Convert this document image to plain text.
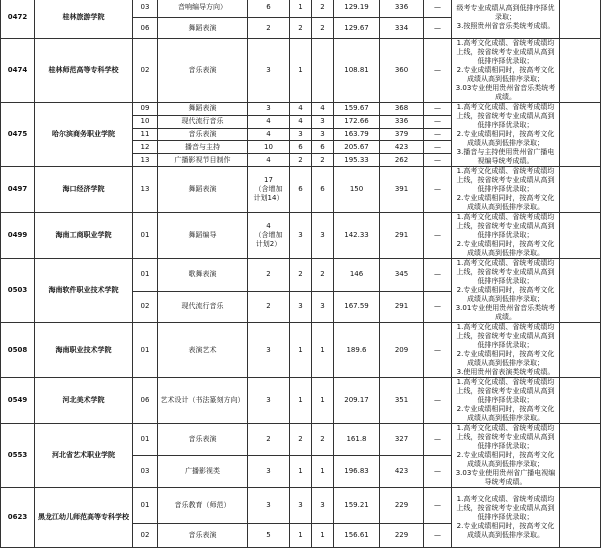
0472	桂林旅游学院	03	音响编导方向）	6	1	2	129.19	336	—	级考专业成绩从高到低排序择优录取；
3.按照贵州省音乐类统考成绩。	
		06	舞蹈表演	2	2	2	129.67	334	—		
0474	桂林师范高等专科学校	02	音乐表演	3	1		108.81	360	—	1.高考文化成绩、省统考成绩均上线，按省统考专业成绩从高到低排序择优录取；
2.专业成绩相同时，按高考文化成绩从高到低排序录取；
3.03专业使用贵州省音乐类统考成绩。	
0475	哈尔滨商务职业学院	09	舞蹈表演	3	4	4	159.67	368	—	1.高考文化成绩、省统考成绩均上线，按省统考专业成绩从高到低排序择优录取；
2.专业成绩相同时，按高考文化成绩从高到低排序录取；
3.播音与主持使用贵州省广播电视编导统考成绩。	
		10	现代流行音乐	4	4	3	172.66	336	—		
		11	音乐表演	4	3	3	163.79	379	—		
		12	播音与主持	10	6	6	205.67	423	—		
		13	广播影视节目制作	4	2	2	195.33	262	—		
0497	海口经济学院	13	舞蹈表演	17
（含增加
计划14）	6	6	150	391	—	1.高考文化成绩、省统考成绩均上线，按省统考专业成绩从高到低排序择优录取；
2.专业成绩相同时，按高考文化成绩从高到低排序录取。	
0499	海南工商职业学院	01	舞蹈编导	4
（含增加
计划2）	3	3	142.33	291	—	1.高考文化成绩、省统考成绩均上线，按省统考专业成绩从高到低排序择优录取；
2.专业成绩相同时，按高考文化成绩从高到低排序录取。	
0503	海南软件职业技术学院	01	歌舞表演	2	2	2	146	345	—	1.高考文化成绩、省统考成绩均上线，按省统考专业成绩从高到低排序择优录取；
2.专业成绩相同时，按高考文化成绩从高到低排序录取；
3.01专业使用贵州省音乐类统考成绩。	
		02	现代流行音乐	2	3	3	167.59	291	—		
0508	海南职业技术学院	01	表演艺术	3	1	1	189.6	209	—	1.高考文化成绩、省统考成绩均上线，按省统考专业成绩从高到低排序择优录取；
2.专业成绩相同时，按高考文化成绩从高到低排序录取；
3.使用贵州省表演类统考成绩。	
0549	河北美术学院	06	艺术设计（书法篆刻方向）	3	1	1	209.17	351	—	1.高考文化成绩、省统考成绩均上线，按省统考专业成绩从高到低排序择优录取；
2.专业成绩相同时，按高考文化成绩从高到低排序录取。	
0553	河北省艺术职业学院	01	音乐表演	2	2	2	161.8	327	—	1.高考文化成绩、省统考成绩均上线，按省统考专业成绩从高到低排序择优录取；
2.专业成绩相同时，按高考文化成绩从高到低排序录取；
3.03专业使用贵州省广播电视编导统考成绩。	
		03	广播影视类	3	1	1	196.83	423	—		
0623	黑龙江幼儿师范高等专科学校	01	音乐教育（师范）	3	3	3	159.21	229	—	1.高考文化成绩、省统考成绩均上线，按省统考专业成绩从高到低排序择优录取；
2.专业成绩相同时，按高考文化成绩从高到低排序录取。	
		02	音乐表演	5	1	1	156.61	229	—		
